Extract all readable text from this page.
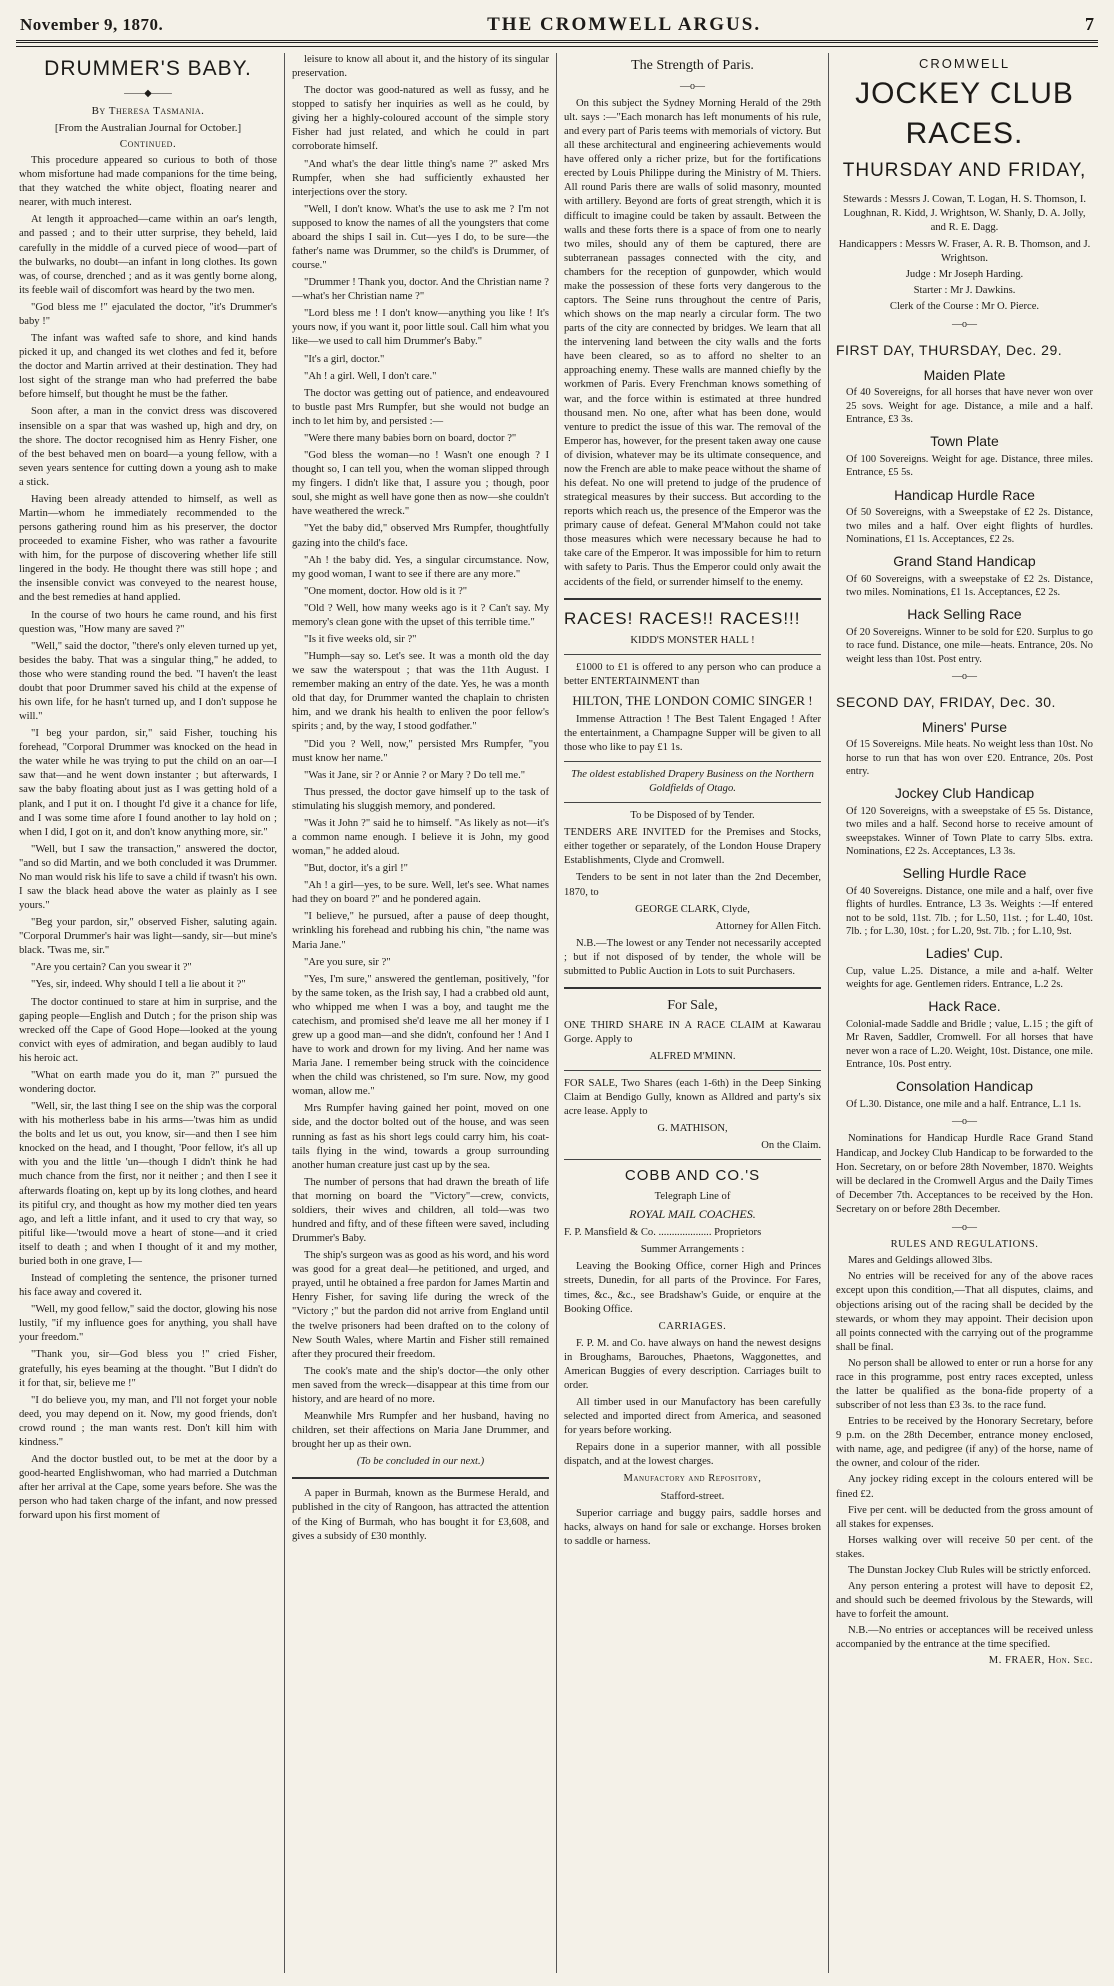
November 9, 1870.	THE CROMWELL ARGUS.	7
DRUMMER'S BABY.
——◆——
By Theresa Tasmania.
[From the Australian Journal for October.]
Continued.

This procedure appeared so curious to both of those whom misfortune had made companions for the time being, that they watched the white object, floating nearer and nearer, with much interest.

At length it approached—came within an oar's length, and passed ; and to their utter surprise, they beheld, laid carefully in the middle of a curved piece of wood—part of the bulwarks, no doubt—an infant in long clothes. Its gown was, of course, drenched ; and as it was gently borne along, its feeble wail of discomfort was heard by the two men.

"God bless me !" ejaculated the doctor, "it's Drummer's baby !"

The infant was wafted safe to shore, and kind hands picked it up, and changed its wet clothes and fed it, before the doctor and Martin arrived at their destination. They had lost sight of the strange man who had preferred the babe before himself, but thought he must be the father.

Soon after, a man in the convict dress was discovered insensible on a spar that was washed up, high and dry, on the shore. The doctor recognised him as Henry Fisher, one of the best behaved men on board—a young fellow, with a seven years sentence for cutting down a young ash to make a stick.

Having been already attended to himself, as well as Martin—whom he immediately recommended to the persons gathering round him as his preserver, the doctor proceeded to examine Fisher, who was rather a favourite with him, for the purpose of discovering whether life still lingered in the body. He thought there was still hope ; and the insensible convict was conveyed to the nearest house, and the best remedies at hand applied.

In the course of two hours he came round, and his first question was, "How many are saved ?"

"Well," said the doctor, "there's only eleven turned up yet, besides the baby. That was a singular thing," he added, to those who were standing round the bed. "I haven't the least doubt that poor Drummer saved his child at the expense of his own life, for he hasn't turned up, and I don't suppose he will."

"I beg your pardon, sir," said Fisher, touching his forehead, "Corporal Drummer was knocked on the head in the water while he was trying to put the child on an oar—I saw that—and he went down instanter ; but afterwards, I saw the baby floating about just as I was getting hold of a plank, and I put it on. I thought I'd give it a chance for life, and I was some time afore I found another to lay hold on ; when I did, I got on it, and don't know anything more, sir."

"Well, but I saw the transaction," answered the doctor, "and so did Martin, and we both concluded it was Drummer. No man would risk his life to save a child if twasn't his own. I saw the black head above the water as plainly as I see yours."

"Beg your pardon, sir," observed Fisher, saluting again. "Corporal Drummer's hair was light—sandy, sir—but mine's black. 'Twas me, sir."

"Are you certain? Can you swear it ?"

"Yes, sir, indeed. Why should I tell a lie about it ?"

The doctor continued to stare at him in surprise, and the gaping people—English and Dutch ; for the prison ship was wrecked off the Cape of Good Hope—looked at the young convict with eyes of admiration, and began audibly to laud his heroic act.

"What on earth made you do it, man ?" pursued the wondering doctor.

"Well, sir, the last thing I see on the ship was the corporal with his motherless babe in his arms—'twas him as undid the bolts and let us out, you know, sir—and then I see him knocked on the head, and I thought, 'Poor fellow, it's all up with you and the little 'un—though I didn't think he had much chance from the first, nor it neither ; and then I see it afterwards floating on, kept up by its long clothes, and heard its pitiful cry, and thought as how my mother died ten years ago, and left a little infant, and it used to cry that way, so pitiful like—'twould move a heart of stone—and it cried itself to death ; and when I thought of it and my mother, buried both in one grave, I—

Instead of completing the sentence, the prisoner turned his face away and covered it.

"Well, my good fellow," said the doctor, glowing his nose lustily, "if my influence goes for anything, you shall have your freedom."

"Thank you, sir—God bless you !" cried Fisher, gratefully, his eyes beaming at the thought. "But I didn't do it for that, sir, believe me !"

"I do believe you, my man, and I'll not forget your noble deed, you may depend on it. Now, my good friends, don't crowd round ; the man wants rest. Don't kill him with kindness."

And the doctor bustled out, to be met at the door by a good-hearted Englishwoman, who had married a Dutchman after her arrival at the Cape, some years before. She was the person who had taken charge of the infant, and now pressed forward upon his first moment of

leisure to know all about it, and the history of its singular preservation.

The doctor was good-natured as well as fussy, and he stopped to satisfy her inquiries as well as he could, by giving her a highly-coloured account of the simple story Fisher had just related, and which he could in part corroborate himself.

"And what's the dear little thing's name ?" asked Mrs Rumpfer, when she had sufficiently exhausted her interjections over the story.

"Well, I don't know. What's the use to ask me ? I'm not supposed to know the names of all the youngsters that come aboard the ships I sail in. Cut—yes I do, to be sure—the father's name was Drummer, so the child's is Drummer, of course."

"Drummer ! Thank you, doctor. And the Christian name ?—what's her Christian name ?"

"Lord bless me ! I don't know—anything you like ! It's yours now, if you want it, poor little soul. Call him what you like—we used to call him Drummer's Baby."

"It's a girl, doctor."

"Ah ! a girl. Well, I don't care."

The doctor was getting out of patience, and endeavoured to bustle past Mrs Rumpfer, but she would not budge an inch to let him by, and persisted :—

"Were there many babies born on board, doctor ?"

"God bless the woman—no ! Wasn't one enough ? I thought so, I can tell you, when the woman slipped through my fingers. I didn't like that, I assure you ; though, poor soul, she might as well have gone then as now—she couldn't have weathered the wreck."

"Yet the baby did," observed Mrs Rumpfer, thoughtfully gazing into the child's face.

"Ah ! the baby did. Yes, a singular circumstance. Now, my good woman, I want to see if there are any more."

"One moment, doctor. How old is it ?"

"Old ? Well, how many weeks ago is it ? Can't say. My memory's clean gone with the upset of this terrible time."

"Is it five weeks old, sir ?"

"Humph—say so. Let's see. It was a month old the day we saw the waterspout ; that was the 11th August. I remember making an entry of the date. Yes, he was a month old that day, for Drummer wanted the chaplain to christen him, and we drank his health to enliven the poor fellow's spirits ; and, by the way, I stood godfather."

"Did you ? Well, now," persisted Mrs Rumpfer, "you must know her name."

"Was it Jane, sir ? or Annie ? or Mary ? Do tell me."

Thus pressed, the doctor gave himself up to the task of stimulating his sluggish memory, and pondered.

"Was it John ?" said he to himself. "As likely as not—it's a common name enough. I believe it is John, my good woman," he added aloud.

"But, doctor, it's a girl !"

"Ah ! a girl—yes, to be sure. Well, let's see. What names had they on board ?" and he pondered again.

"I believe," he pursued, after a pause of deep thought, wrinkling his forehead and rubbing his chin, "the name was Maria Jane."

"Are you sure, sir ?"

"Yes, I'm sure," answered the gentleman, positively, "for by the same token, as the Irish say, I had a crabbed old aunt, who whipped me when I was a boy, and taught me the catechism, and promised she'd leave me all her money if I grew up a good man—and she didn't, confound her ! And I have to work and drown for my living. And her name was Maria Jane. I remember being struck with the coincidence when the child was christened, so I'm sure. Now, my good woman, allow me."

Mrs Rumpfer having gained her point, moved on one side, and the doctor bolted out of the house, and was seen running as fast as his short legs could carry him, his coat-tails flying in the wind, towards a group surrounding another human creature just cast up by the sea.

The number of persons that had drawn the breath of life that morning on board the "Victory"—crew, convicts, soldiers, their wives and children, all told—was two hundred and fifty, and of these fifteen were saved, including Drummer's Baby.

The ship's surgeon was as good as his word, and his word was good for a great deal—he petitioned, and urged, and prayed, until he obtained a free pardon for James Martin and Henry Fisher, for saving life during the wreck of the "Victory ;" but the pardon did not arrive from England until the twelve prisoners had been drafted on to the colony of New South Wales, where Martin and Fisher still remained after they procured their freedom.

The cook's mate and the ship's doctor—the only other men saved from the wreck—disappear at this time from our history, and are heard of no more.

Meanwhile Mrs Rumpfer and her husband, having no children, set their affections on Maria Jane Drummer, and brought her up as their own.

(To be concluded in our next.)

A paper in Burmah, known as the Burmese Herald, and published in the city of Rangoon, has attracted the attention of the King of Burmah, who has bought it for £3,608, and gives a subsidy of £30 monthly.

The Strength of Paris.
—o—

On this subject the Sydney Morning Herald of the 29th ult. says :—"Each monarch has left monuments of his rule, and every part of Paris teems with memorials of victory. But all these architectural and engineering achievements would have offered only a richer prize, but for the fortifications erected by Louis Philippe during the Ministry of M. Thiers. All round Paris there are walls of solid masonry, mounted with artillery. Beyond are forts of great strength, which it is difficult to imagine could be taken by assault. Between the walls and these forts there is a space of from one to nearly two miles, should any of them be captured, there are subterranean passages connected with the city, and chambers for the reception of gunpowder, which would make the possession of these forts very dangerous to the captors. The Seine runs throughout the centre of Paris, which shows on the map nearly a circular form. The two parts of the city are connected by bridges. We learn that all the intervening land between the city walls and the forts have been cleared, so as to afford no shelter to an approaching enemy. These walls are manned chiefly by the workmen of Paris. Every Frenchman knows something of war, and the force within is estimated at three hundred thousand men. No one, after what has been done, would venture to predict the issue of this war. The removal of the Emperor has, however, for the present taken away one cause of division, whatever may be its ultimate consequence, and now the French are able to make peace without the shame of his defeat. No one will pretend to judge of the prudence of strategical measures by their success. But according to the reports which reach us, the presence of the Emperor was the primary cause of defeat. General M'Mahon could not take those measures which were necessary because he had to take care of the Emperor. It was impossible for him to return with safety to Paris. Thus the Emperor could only await the accidents of the field, or surrender himself to the enemy.

RACES! RACES!! RACES!!!

KIDD'S MONSTER HALL !

£1000 to £1 is offered to any person who can produce a better ENTERTAINMENT than

HILTON, THE LONDON COMIC SINGER !

Immense Attraction ! The Best Talent Engaged ! After the entertainment, a Champagne Supper will be given to all those who like to pay £1 1s.

The oldest established Drapery Business on the Northern Goldfields of Otago.

To be Disposed of by Tender.

TENDERS ARE INVITED for the Premises and Stocks, either together or separately, of the London House Drapery Establishments, Clyde and Cromwell.

Tenders to be sent in not later than the 2nd December, 1870, to

GEORGE CLARK, Clyde,

Attorney for Allen Fitch.

N.B.—The lowest or any Tender not necessarily accepted ; but if not disposed of by tender, the whole will be submitted to Public Auction in Lots to suit Purchasers.

For Sale,

ONE THIRD SHARE IN A RACE CLAIM at Kawarau Gorge. Apply to

ALFRED M'MINN.

FOR SALE, Two Shares (each 1-6th) in the Deep Sinking Claim at Bendigo Gully, known as Alldred and party's six acre lease. Apply to

G. MATHISON,

On the Claim.

COBB AND CO.'S

Telegraph Line of

ROYAL MAIL COACHES.

F. P. Mansfield & Co. .................... Proprietors

Summer Arrangements :

Leaving the Booking Office, corner High and Princes streets, Dunedin, for all parts of the Province. For Fares, times, &c., &c., see Bradshaw's Guide, or enquire at the Booking Office.

CARRIAGES.

F. P. M. and Co. have always on hand the newest designs in Broughams, Barouches, Phaetons, Waggonettes, and American Buggies of every description. Carriages built to order.

All timber used in our Manufactory has been carefully selected and imported direct from America, and seasoned for years before working.

Repairs done in a superior manner, with all possible dispatch, and at the lowest charges.

Manufactory and Repository,

Stafford-street.

Superior carriage and buggy pairs, saddle horses and hacks, always on hand for sale or exchange. Horses broken to saddle or harness.

CROMWELL
JOCKEY CLUB RACES.
THURSDAY AND FRIDAY,

Stewards : Messrs J. Cowan, T. Logan, H. S. Thomson, I. Loughnan, R. Kidd, J. Wrightson, W. Shanly, D. A. Jolly, and R. E. Dagg.

Handicappers : Messrs W. Fraser, A. R. B. Thomson, and J. Wrightson.

Judge : Mr Joseph Harding.

Starter : Mr J. Dawkins.

Clerk of the Course : Mr O. Pierce.

—o—
FIRST DAY, THURSDAY, Dec. 29.
Maiden Plate

Of 40 Sovereigns, for all horses that have never won over 25 sovs. Weight for age. Distance, a mile and a half. Entrance, £3 3s.

Town Plate

Of 100 Sovereigns. Weight for age. Distance, three miles. Entrance, £5 5s.

Handicap Hurdle Race

Of 50 Sovereigns, with a Sweepstake of £2 2s. Distance, two miles and a half. Over eight flights of hurdles. Nominations, £1 1s. Acceptances, £2 2s.

Grand Stand Handicap

Of 60 Sovereigns, with a sweepstake of £2 2s. Distance, two miles. Nominations, £1 1s. Acceptances, £2 2s.

Hack Selling Race

Of 20 Sovereigns. Winner to be sold for £20. Surplus to go to race fund. Distance, one mile—heats. Entrance, 20s. No weight less than 10st. Post entry.

—o—
SECOND DAY, FRIDAY, Dec. 30.
Miners' Purse

Of 15 Sovereigns. Mile heats. No weight less than 10st. No horse to run that has won over £20. Entrance, 20s. Post entry.

Jockey Club Handicap

Of 120 Sovereigns, with a sweepstake of £5 5s. Distance, two miles and a half. Second horse to receive amount of sweepstakes. Winner of Town Plate to carry 5lbs. extra. Nominations, £2 2s. Acceptances, L3 3s.

Selling Hurdle Race

Of 40 Sovereigns. Distance, one mile and a half, over five flights of hurdles. Entrance, L3 3s. Weights :—If entered not to be sold, 11st. 7lb. ; for L.50, 11st. ; for L.40, 10st. 7lb. ; for L.30, 10st. ; for L.20, 9st. 7lb. ; for L.10, 9st.

Ladies' Cup.

Cup, value L.25. Distance, a mile and a-half. Welter weights for age. Gentlemen riders. Entrance, L.2 2s.

Hack Race.

Colonial-made Saddle and Bridle ; value, L.15 ; the gift of Mr Raven, Saddler, Cromwell. For all horses that have never won a race of L.20. Weight, 10st. Distance, one mile. Entrance, 10s. Post entry.

Consolation Handicap

Of L.30. Distance, one mile and a half. Entrance, L.1 1s.

—o—

Nominations for Handicap Hurdle Race Grand Stand Handicap, and Jockey Club Handicap to be forwarded to the Hon. Secretary, on or before 28th November, 1870. Weights will be declared in the Cromwell Argus and the Daily Times of December 7th. Acceptances to be received by the Hon. Secretary on or before 28th December.

—o—

RULES AND REGULATIONS.

Mares and Geldings allowed 3lbs.

No entries will be received for any of the above races except upon this condition,—That all disputes, claims, and objections arising out of the racing shall be decided by the stewards, or whom they may appoint. Their decision upon all points connected with the carrying out of the programme shall be final.

No person shall be allowed to enter or run a horse for any race in this programme, post entry races excepted, unless the latter be qualified as the bona-fide property of a subscriber of not less than £3 3s. to the race fund.

Entries to be received by the Honorary Secretary, before 9 p.m. on the 28th December, entrance money enclosed, with name, age, and pedigree (if any) of the horse, name of the owner, and colour of the rider.

Any jockey riding except in the colours entered will be fined £2.

Five per cent. will be deducted from the gross amount of all stakes for expenses.

Horses walking over will receive 50 per cent. of the stakes.

The Dunstan Jockey Club Rules will be strictly enforced.

Any person entering a protest will have to deposit £2, and should such be deemed frivolous by the Stewards, will have to forfeit the amount.

N.B.—No entries or acceptances will be received unless accompanied by the entrance at the time specified.

M. FRAER, Hon. Sec.
